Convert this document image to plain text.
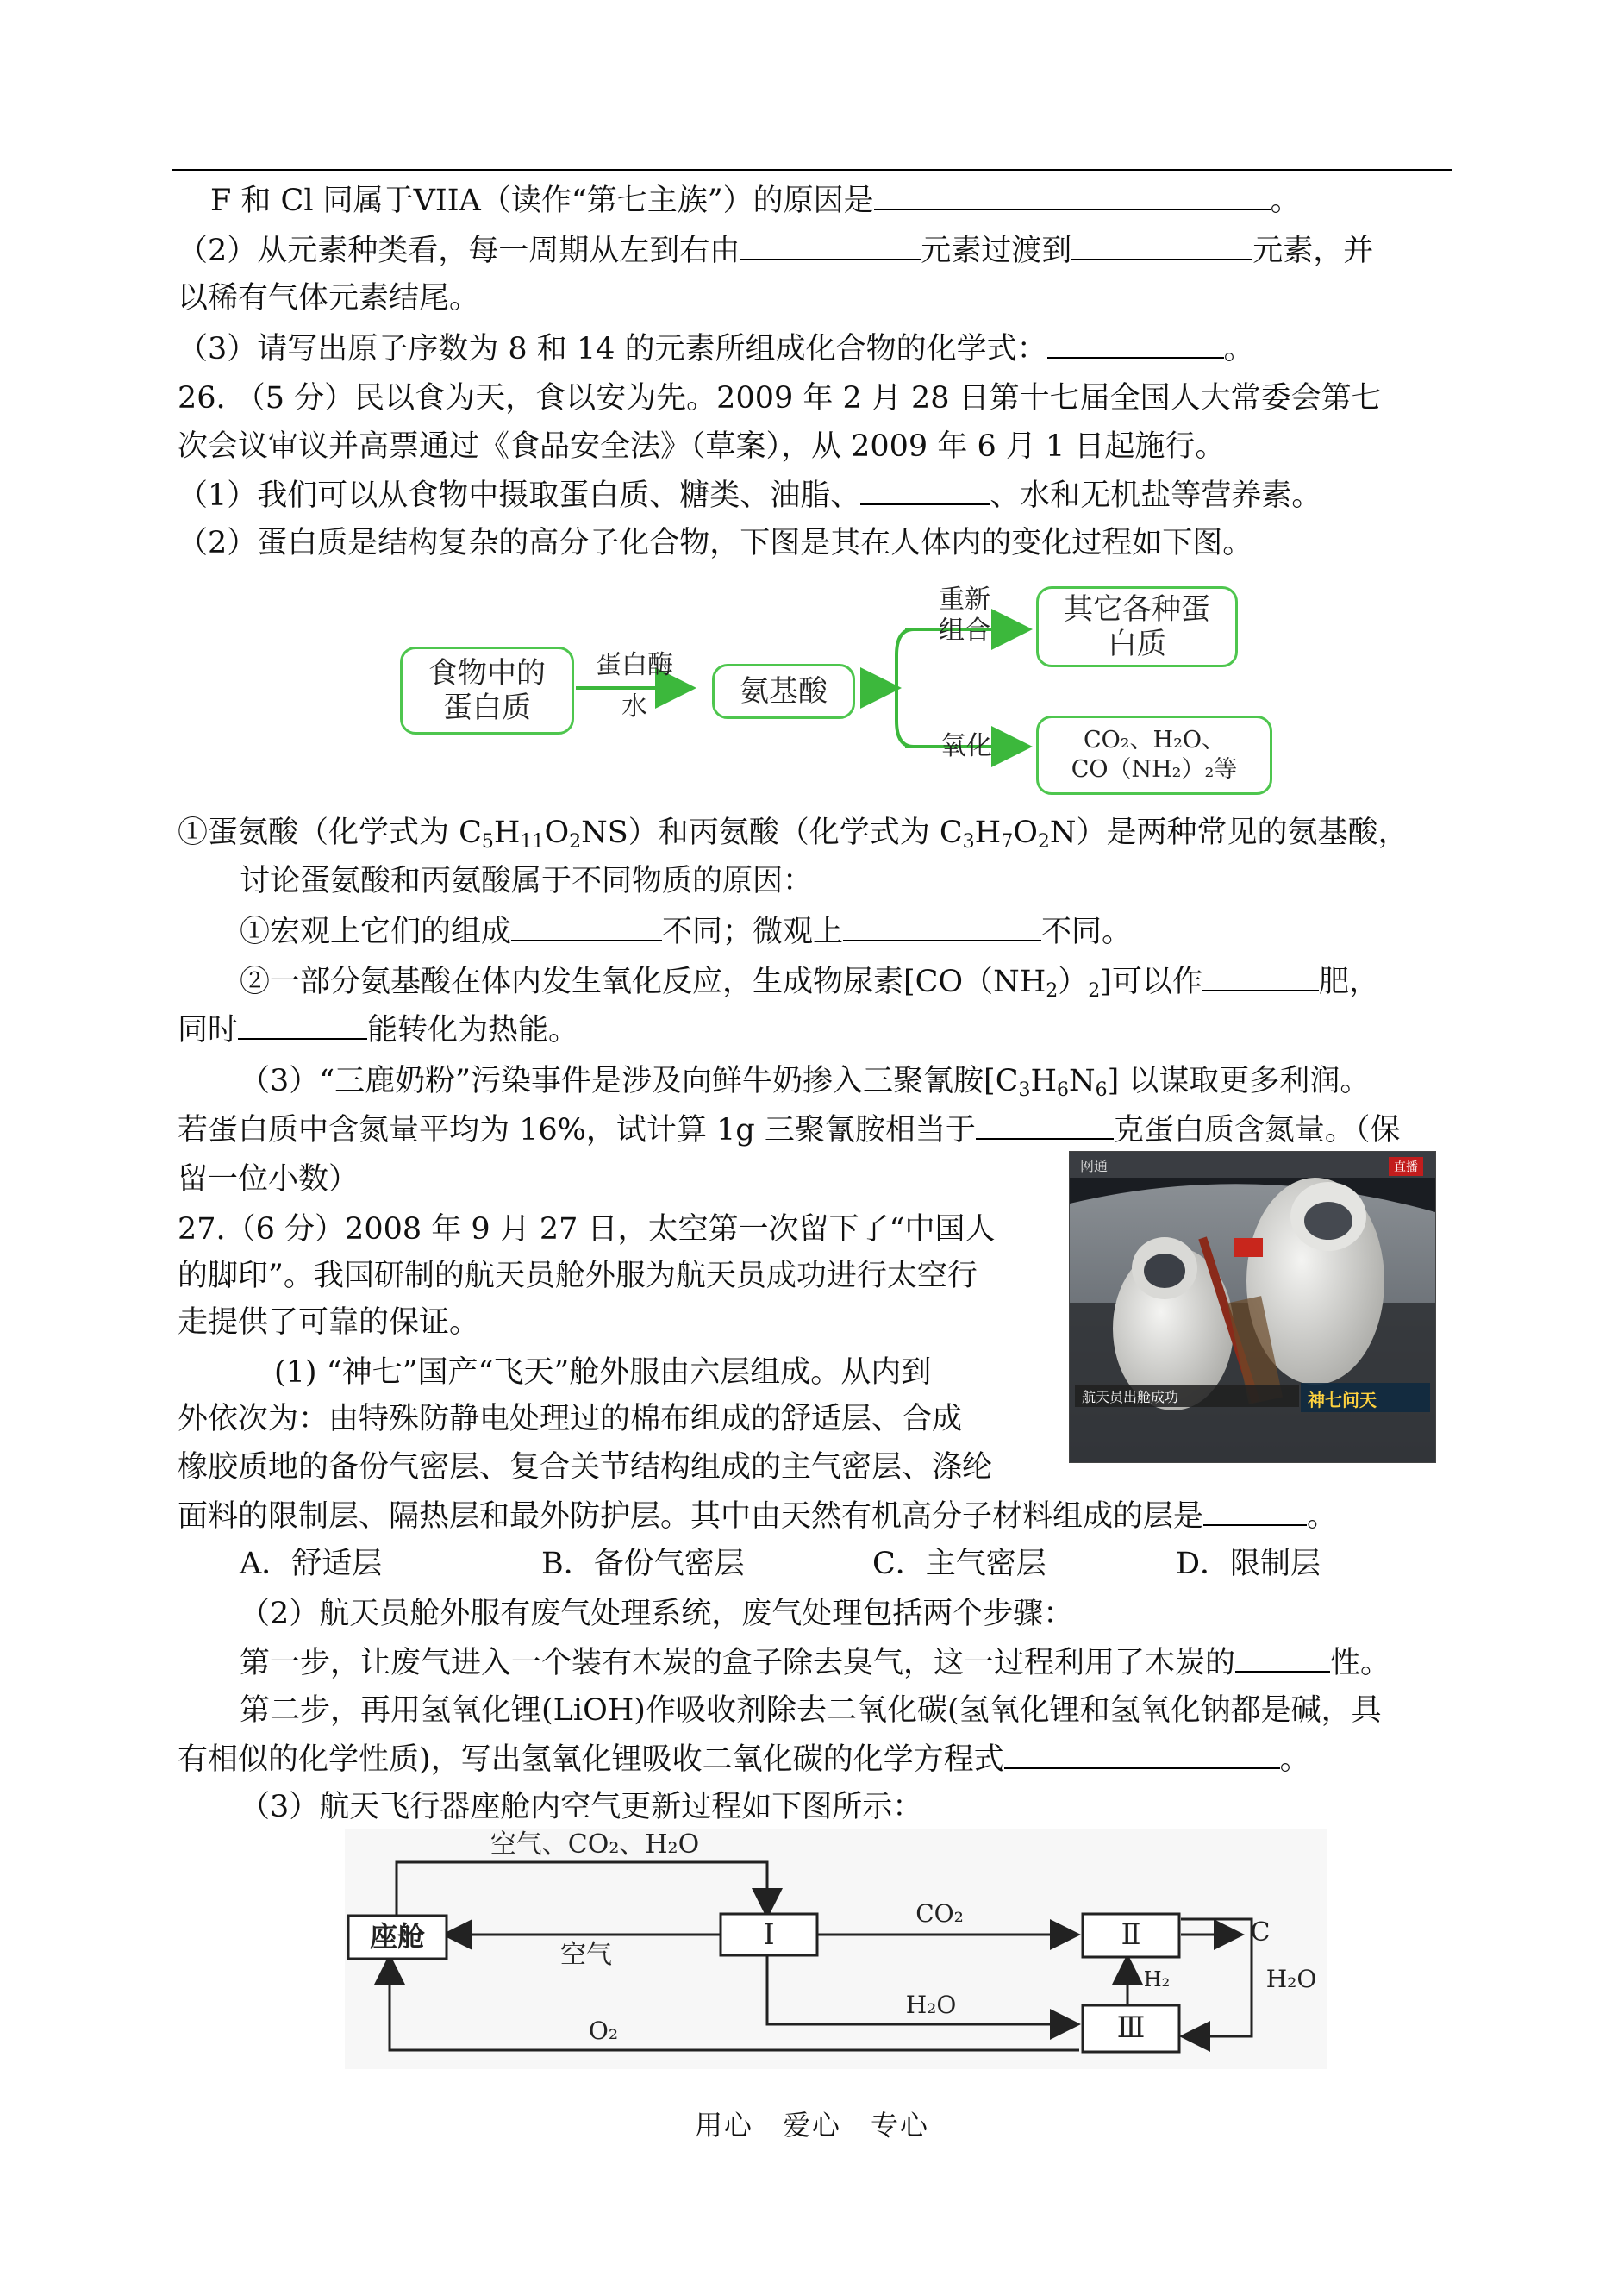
F 和 Cl 同属于VIIA（读作“第七主族”）的原因是	。
（2）从元素种类看，每一周期从左到右由	元素过渡到	元素，并
以稀有气体元素结尾。
（3）请写出原子序数为 8 和 14 的元素所组成化合物的化学式：	。
26. （5 分）民以食为天，食以安为先。2009 年 2 月 28 日第十七届全国人大常委会第七
次会议审议并高票通过《食品安全法》（草案），从 2009 年 6 月 1 日起施行。
（1）我们可以从食物中摄取蛋白质、糖类、油脂、	、水和无机盐等营养素。
（2）蛋白质是结构复杂的高分子化合物，下图是其在人体内的变化过程如下图。
食物中的蛋白质
蛋白酶
水	氨基酸
重新组合
其它各种蛋白质
氧化	CO₂、H₂O、
CO（NH₂）₂等
①蛋氨酸（化学式为 $C_5H_{11}O_2NS$）和丙氨酸（化学式为 $C_3H_7O_2N$）是两种常见的氨基酸，
讨论蛋氨酸和丙氨酸属于不同物质的原因：
①宏观上它们的组成	不同；微观上	不同。
②一部分氨基酸在体内发生氧化反应，生成物尿素$[CO(NH_2)_2]$可以作	肥，
同时	能转化为热能。
（3）“三鹿奶粉”污染事件是涉及向鲜牛奶掺入三聚氰胺$[C_3H_6N_6]$ 以谋取更多利润。
若蛋白质中含氮量平均为 16%，试计算 1g 三聚氰胺相当于	克蛋白质含氮量。（保
留一位小数）	网通	直播
航天员出舱成功	神七问天
27.（6 分）2008 年 9 月 27 日，太空第一次留下了“中国人
的脚印”。我国研制的航天员舱外服为航天员成功进行太空行
走提供了可靠的保证。
(1) “神七”国产“飞天”舱外服由六层组成。从内到
外依次为：由特殊防静电处理过的棉布组成的舒适层、合成
橡胶质地的备份气密层、复合关节结构组成的主气密层、涤纶
面料的限制层、隔热层和最外防护层。其中由天然有机高分子材料组成的层是	。
A．舒适层	B．备份气密层	C．主气密层	D．限制层
（2）航天员舱外服有废气处理系统，废气处理包括两个步骤：
第一步，让废气进入一个装有木炭的盒子除去臭气，这一过程利用了木炭的	性。
第二步，再用氢氧化锂(LiOH)作吸收剂除去二氧化碳(氢氧化锂和氢氧化钠都是碱，具
有相似的化学性质)，写出氢氧化锂吸收二氧化碳的化学方程式	。
（3）航天飞行器座舱内空气更新过程如下图所示：
座舱	I	Ⅱ
Ⅲ
空气、CO₂、H₂O
空气
CO₂
H₂O
O₂
H₂
C
H₂O
用心　爱心　专心
